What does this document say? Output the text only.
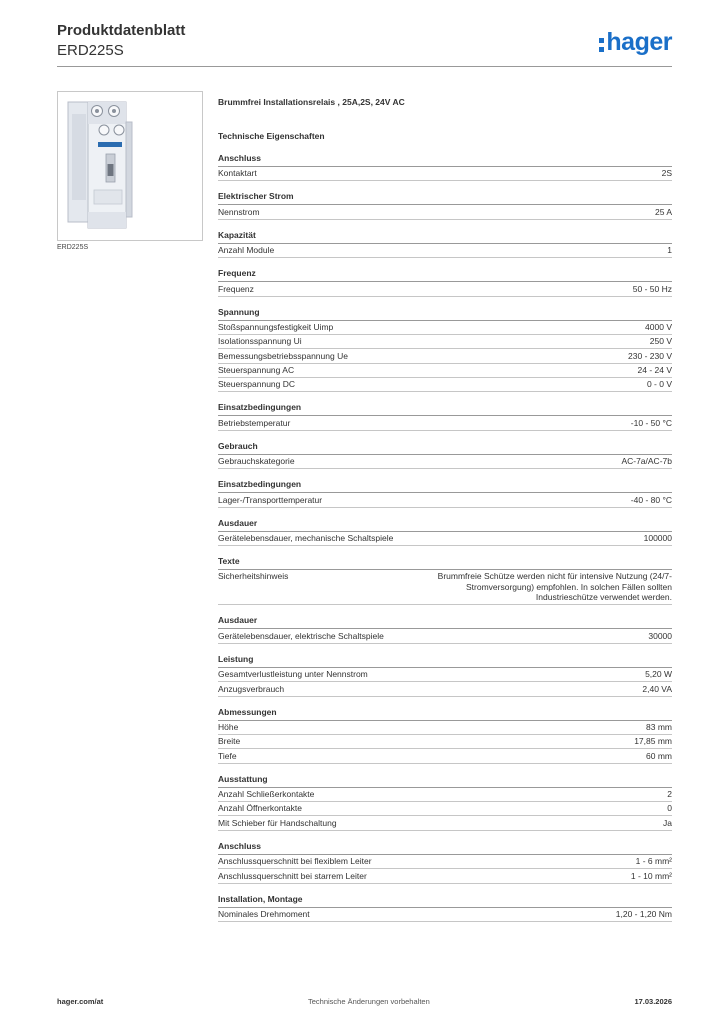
Produktdatenblatt
ERD225S	hager
ERD225S
Brummfrei Installationsrelais , 25A,2S, 24V AC
Technische Eigenschaften
Anschluss
Kontaktart	2S
Elektrischer Strom
Nennstrom	25 A
Kapazität
Anzahl Module	1
Frequenz
Frequenz	50 - 50 Hz
Spannung
Stoßspannungsfestigkeit Uimp	4000 V
Isolationsspannung Ui	250 V
Bemessungsbetriebsspannung Ue	230 - 230 V
Steuerspannung AC	24 - 24 V
Steuerspannung DC	0 - 0 V
Einsatzbedingungen
Betriebstemperatur	-10 - 50 °C
Gebrauch
Gebrauchskategorie	AC-7a/AC-7b
Einsatzbedingungen
Lager-/Transporttemperatur	-40 - 80 °C
Ausdauer
Gerätelebensdauer, mechanische Schaltspiele	100000
Texte
Sicherheitshinweis	Brummfreie Schütze werden nicht für intensive Nutzung (24/7-Stromversorgung) empfohlen. In solchen Fällen sollten Industrieschütze verwendet werden.
Ausdauer
Gerätelebensdauer, elektrische Schaltspiele	30000
Leistung
Gesamtverlustleistung unter Nennstrom	5,20 W
Anzugsverbrauch	2,40 VA
Abmessungen
Höhe	83 mm
Breite	17,85 mm
Tiefe	60 mm
Ausstattung
Anzahl Schließerkontakte	2
Anzahl Öffnerkontakte	0
Mit Schieber für Handschaltung	Ja
Anschluss
Anschlussquerschnitt bei flexiblem Leiter	1 - 6 mm²
Anschlussquerschnitt bei starrem Leiter	1 - 10 mm²
Installation, Montage
Nominales Drehmoment	1,20 - 1,20 Nm
hager.com/at	Technische Änderungen vorbehalten	17.03.2026
